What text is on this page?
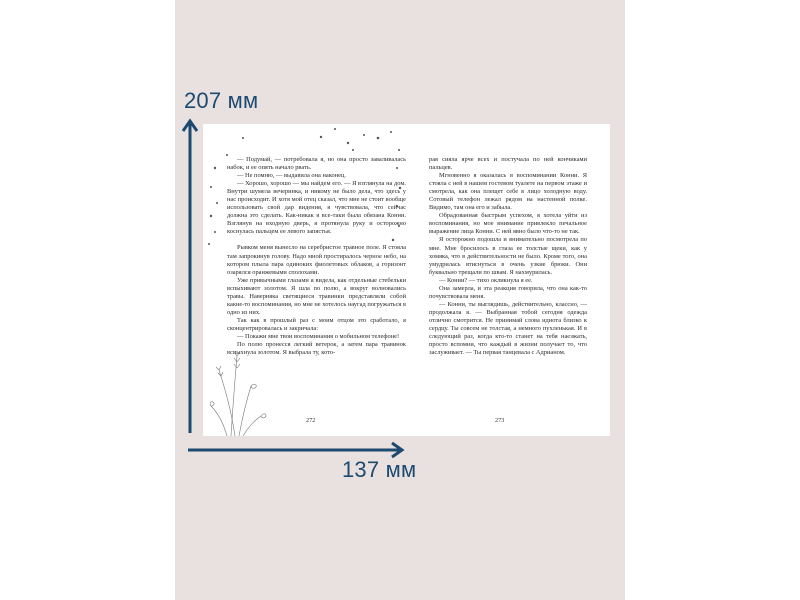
207 мм
137 мм

— Подумай, — потребовала я, но она просто заваливалась набок, и ее опять начало рвать.

— Не помню, — выдавила она наконец.

— Хорошо, хорошо — мы найдем его. — Я взглянула на дом. Внутри шумела вечеринка, и никому не было дела, что здесь у нас происходит. И хотя мой отец сказал, что мне не стоит вообще использовать свой дар видения, я чувствовала, что сейчас должна это сделать. Как-никак я все-таки была обязана Конни. Взглянув на входную дверь, я протянула руку и осторожно коснулась пальцем ее левого запястья.

Рывком меня вынесло на серебристое травное поле. Я стояла там запрокинув голову. Надо мной простиралось черное небо, на котором плыла пара одиноких фиолетовых облаков, а горизонт озарялся оранжевыми сполохами.

Уже привычными глазами я видела, как отдельные стебельки вспыхивают золотом. Я шла по полю, а вокруг волновались травы. Наверняка светящиеся травинки представляли собой какие-то воспоминания, но мне не хотелось наугад погружаться в одно из них.

Так как в прошлый раз с моим отцом это сработало, я сконцентрировалась и закричала:

— Покажи мне твои воспоминания о мобильном телефоне!

По полю пронесся легкий ветерок, а затем пара травинок вспыхнула золотом. Я выбрала ту, кото-

272

рая сияла ярче всех и постучала по ней кончиками пальцев.

Мгновенно я оказалась в воспоминании Конни. Я стояла с ней в нашем гостевом туалете на первом этаже и смотрела, как она плещет себе в лицо холодную воду. Сотовый телефон лежал рядом на настенной полке. Видимо, там она его и забыла.

Обрадованная быстрым успехом, я хотела уйти из воспоминания, но мое внимание привлекло печальное выражение лица Конни. С ней явно было что-то не так.

Я осторожно подошла и внимательно посмотрела по мне. Мне бросилось в глаза ее толстые щеки, как у хомяка, что в действительности не было. Кроме того, она умудрилась втиснуться в очень узкие брюки. Они буквально трещали по швам. Я нахмурилась.

— Конни? — тихо окликнула я ее.

Она замерла, и эта реакция говорила, что она как-то почувствовала меня.

— Конни, ты выглядишь, действительно, классно, — продолжала я. — Выбранная тобой сегодня одежда отлично смотрится. Не принимай слова идиота близко к сердцу. Ты совсем не толстая, а немного пухленькая. И в следующий раз, когда кто-то станет на тебя наезжать, просто вспомни, что каждый в жизни получает то, что заслуживает. — Ты первая танцевала с Адрианом.

273
